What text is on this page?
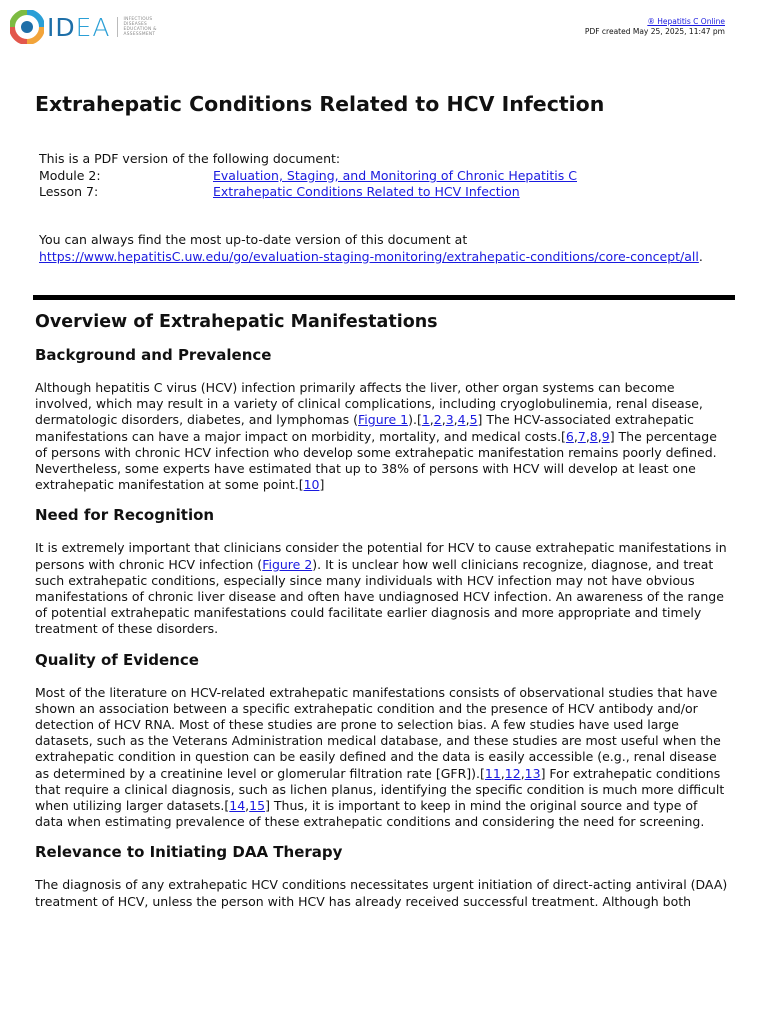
IDEA	INFECTIOUS
DISEASES
EDUCATION &
ASSESSMENT
® Hepatitis C Online
PDF created May 25, 2025, 11:47 pm
Extrahepatic Conditions Related to HCV Infection
This is a PDF version of the following document:
Module 2:	Evaluation, Staging, and Monitoring of Chronic Hepatitis C
Lesson 7:	Extrahepatic Conditions Related to HCV Infection
You can always find the most up-to-date version of this document at
https://www.hepatitisC.uw.edu/go/evaluation-staging-monitoring/extrahepatic-conditions/core-concept/all.
Overview of Extrahepatic Manifestations
Background and Prevalence

Although hepatitis C virus (HCV) infection primarily affects the liver, other organ systems can become
involved, which may result in a variety of clinical complications, including cryoglobulinemia, renal disease,
dermatologic disorders, diabetes, and lymphomas (Figure 1).[1,2,3,4,5] The HCV-associated extrahepatic
manifestations can have a major impact on morbidity, mortality, and medical costs.[6,7,8,9] The percentage
of persons with chronic HCV infection who develop some extrahepatic manifestation remains poorly defined.
Nevertheless, some experts have estimated that up to 38% of persons with HCV will develop at least one
extrahepatic manifestation at some point.[10]

Need for Recognition

It is extremely important that clinicians consider the potential for HCV to cause extrahepatic manifestations in
persons with chronic HCV infection (Figure 2). It is unclear how well clinicians recognize, diagnose, and treat
such extrahepatic conditions, especially since many individuals with HCV infection may not have obvious
manifestations of chronic liver disease and often have undiagnosed HCV infection. An awareness of the range
of potential extrahepatic manifestations could facilitate earlier diagnosis and more appropriate and timely
treatment of these disorders.

Quality of Evidence

Most of the literature on HCV-related extrahepatic manifestations consists of observational studies that have
shown an association between a specific extrahepatic condition and the presence of HCV antibody and/or
detection of HCV RNA. Most of these studies are prone to selection bias. A few studies have used large
datasets, such as the Veterans Administration medical database, and these studies are most useful when the
extrahepatic condition in question can be easily defined and the data is easily accessible (e.g., renal disease
as determined by a creatinine level or glomerular filtration rate [GFR]).[11,12,13] For extrahepatic conditions
that require a clinical diagnosis, such as lichen planus, identifying the specific condition is much more difficult
when utilizing larger datasets.[14,15] Thus, it is important to keep in mind the original source and type of
data when estimating prevalence of these extrahepatic conditions and considering the need for screening.

Relevance to Initiating DAA Therapy

The diagnosis of any extrahepatic HCV conditions necessitates urgent initiation of direct-acting antiviral (DAA)
treatment of HCV, unless the person with HCV has already received successful treatment. Although both
